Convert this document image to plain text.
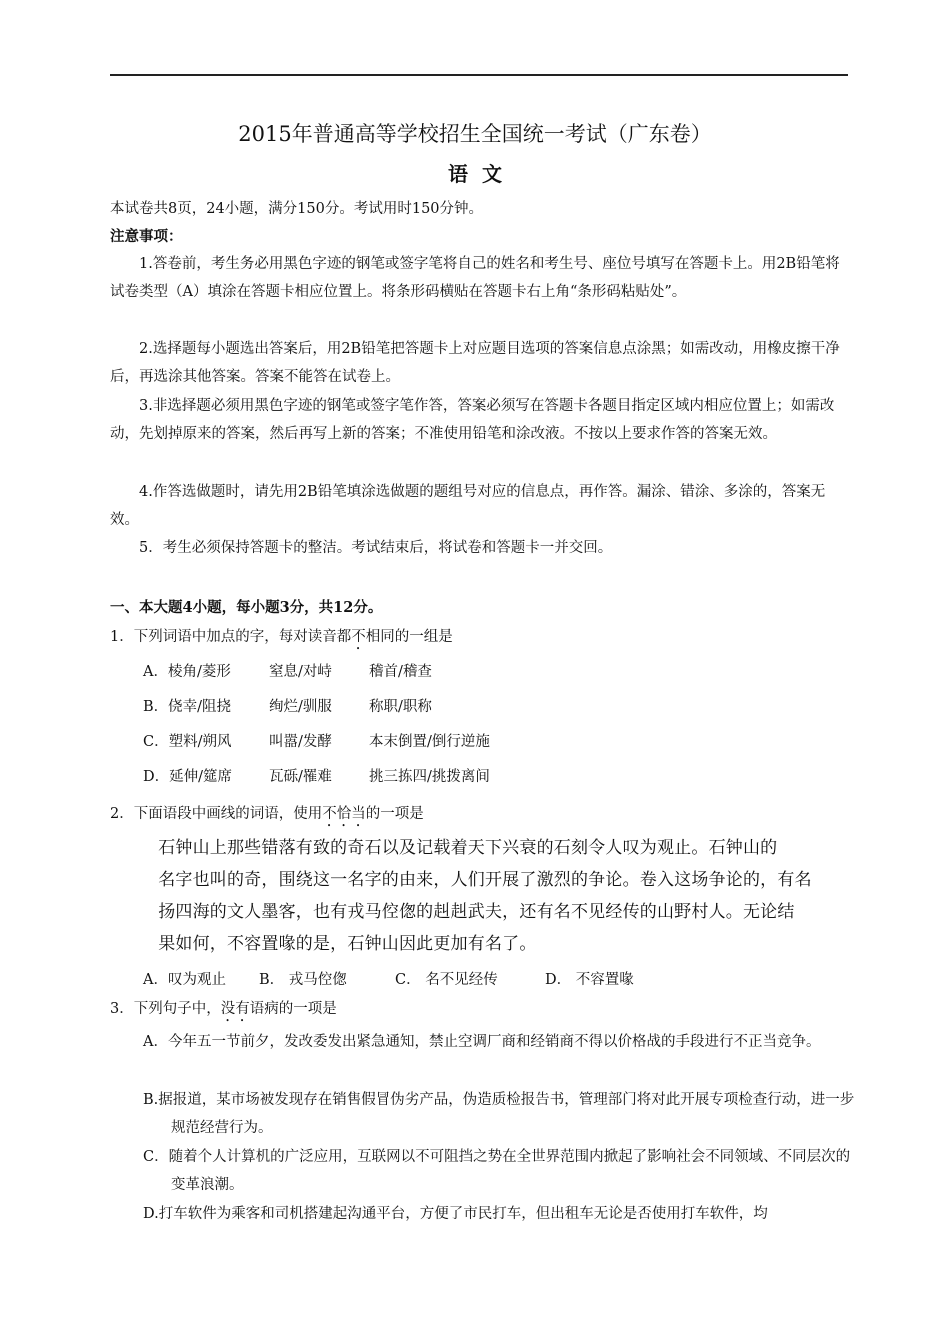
2015年普通高等学校招生全国统一考试（广东卷）
语文
本试卷共8页，24小题，满分150分。考试用时150分钟。
注意事项：

1.答卷前，考生务必用黑色字迹的钢笔或签字笔将自己的姓名和考生号、座位号填写在答题卡上。用2B铅笔将试卷类型（A）填涂在答题卡相应位置上。将条形码横贴在答题卡右上角“条形码粘贴处”。

2.选择题每小题选出答案后，用2B铅笔把答题卡上对应题目选项的答案信息点涂黑；如需改动，用橡皮擦干净后，再选涂其他答案。答案不能答在试卷上。

3.非选择题必须用黑色字迹的钢笔或签字笔作答，答案必须写在答题卡各题目指定区域内相应位置上；如需改动，先划掉原来的答案，然后再写上新的答案；不准使用铅笔和涂改液。不按以上要求作答的答案无效。

4.作答选做题时，请先用2B铅笔填涂选做题的题组号对应的信息点，再作答。漏涂、错涂、多涂的，答案无效。

5．考生必须保持答题卡的整洁。考试结束后，将试卷和答题卡一并交回。

一、本大题4小题，每小题3分，共12分。
1．下列词语中加点的字，每对读音都不相同的一组是
A．棱角/菱形	窒息/对峙	稽首/稽查
B．侥幸/阻挠	绚烂/驯服	称职/职称
C．塑料/朔风	叫嚣/发酵	本末倒置/倒行逆施
D．延伸/筵席	瓦砾/罹难	挑三拣四/挑拨离间
2．下面语段中画线的词语，使用不恰当的一项是

石钟山上那些错落有致的奇石以及记载着天下兴衰的石刻令人叹为观止。石钟山的

名字也叫的奇，围绕这一名字的由来，人们开展了激烈的争论。卷入这场争论的，有名

扬四海的文人墨客，也有戎马倥偬的赳赳武夫，还有名不见经传的山野村人。无论结

果如何，不容置喙的是，石钟山因此更加有名了。

A．叹为观止 B． 戎马倥偬	C． 名不见经传	D． 不容置喙
3．下列句子中，没有语病的一项是

A．今年五一节前夕，发改委发出紧急通知，禁止空调厂商和经销商不得以价格战的手段进行不正当竞争。

B.据报道，某市场被发现存在销售假冒伪劣产品，伪造质检报告书，管理部门将对此开展专项检查行动，进一步规范经营行为。

C．随着个人计算机的广泛应用，互联网以不可阻挡之势在全世界范围内掀起了影响社会不同领域、不同层次的变革浪潮。

D.打车软件为乘客和司机搭建起沟通平台，方便了市民打车，但出租车无论是否使用打车软件，均
